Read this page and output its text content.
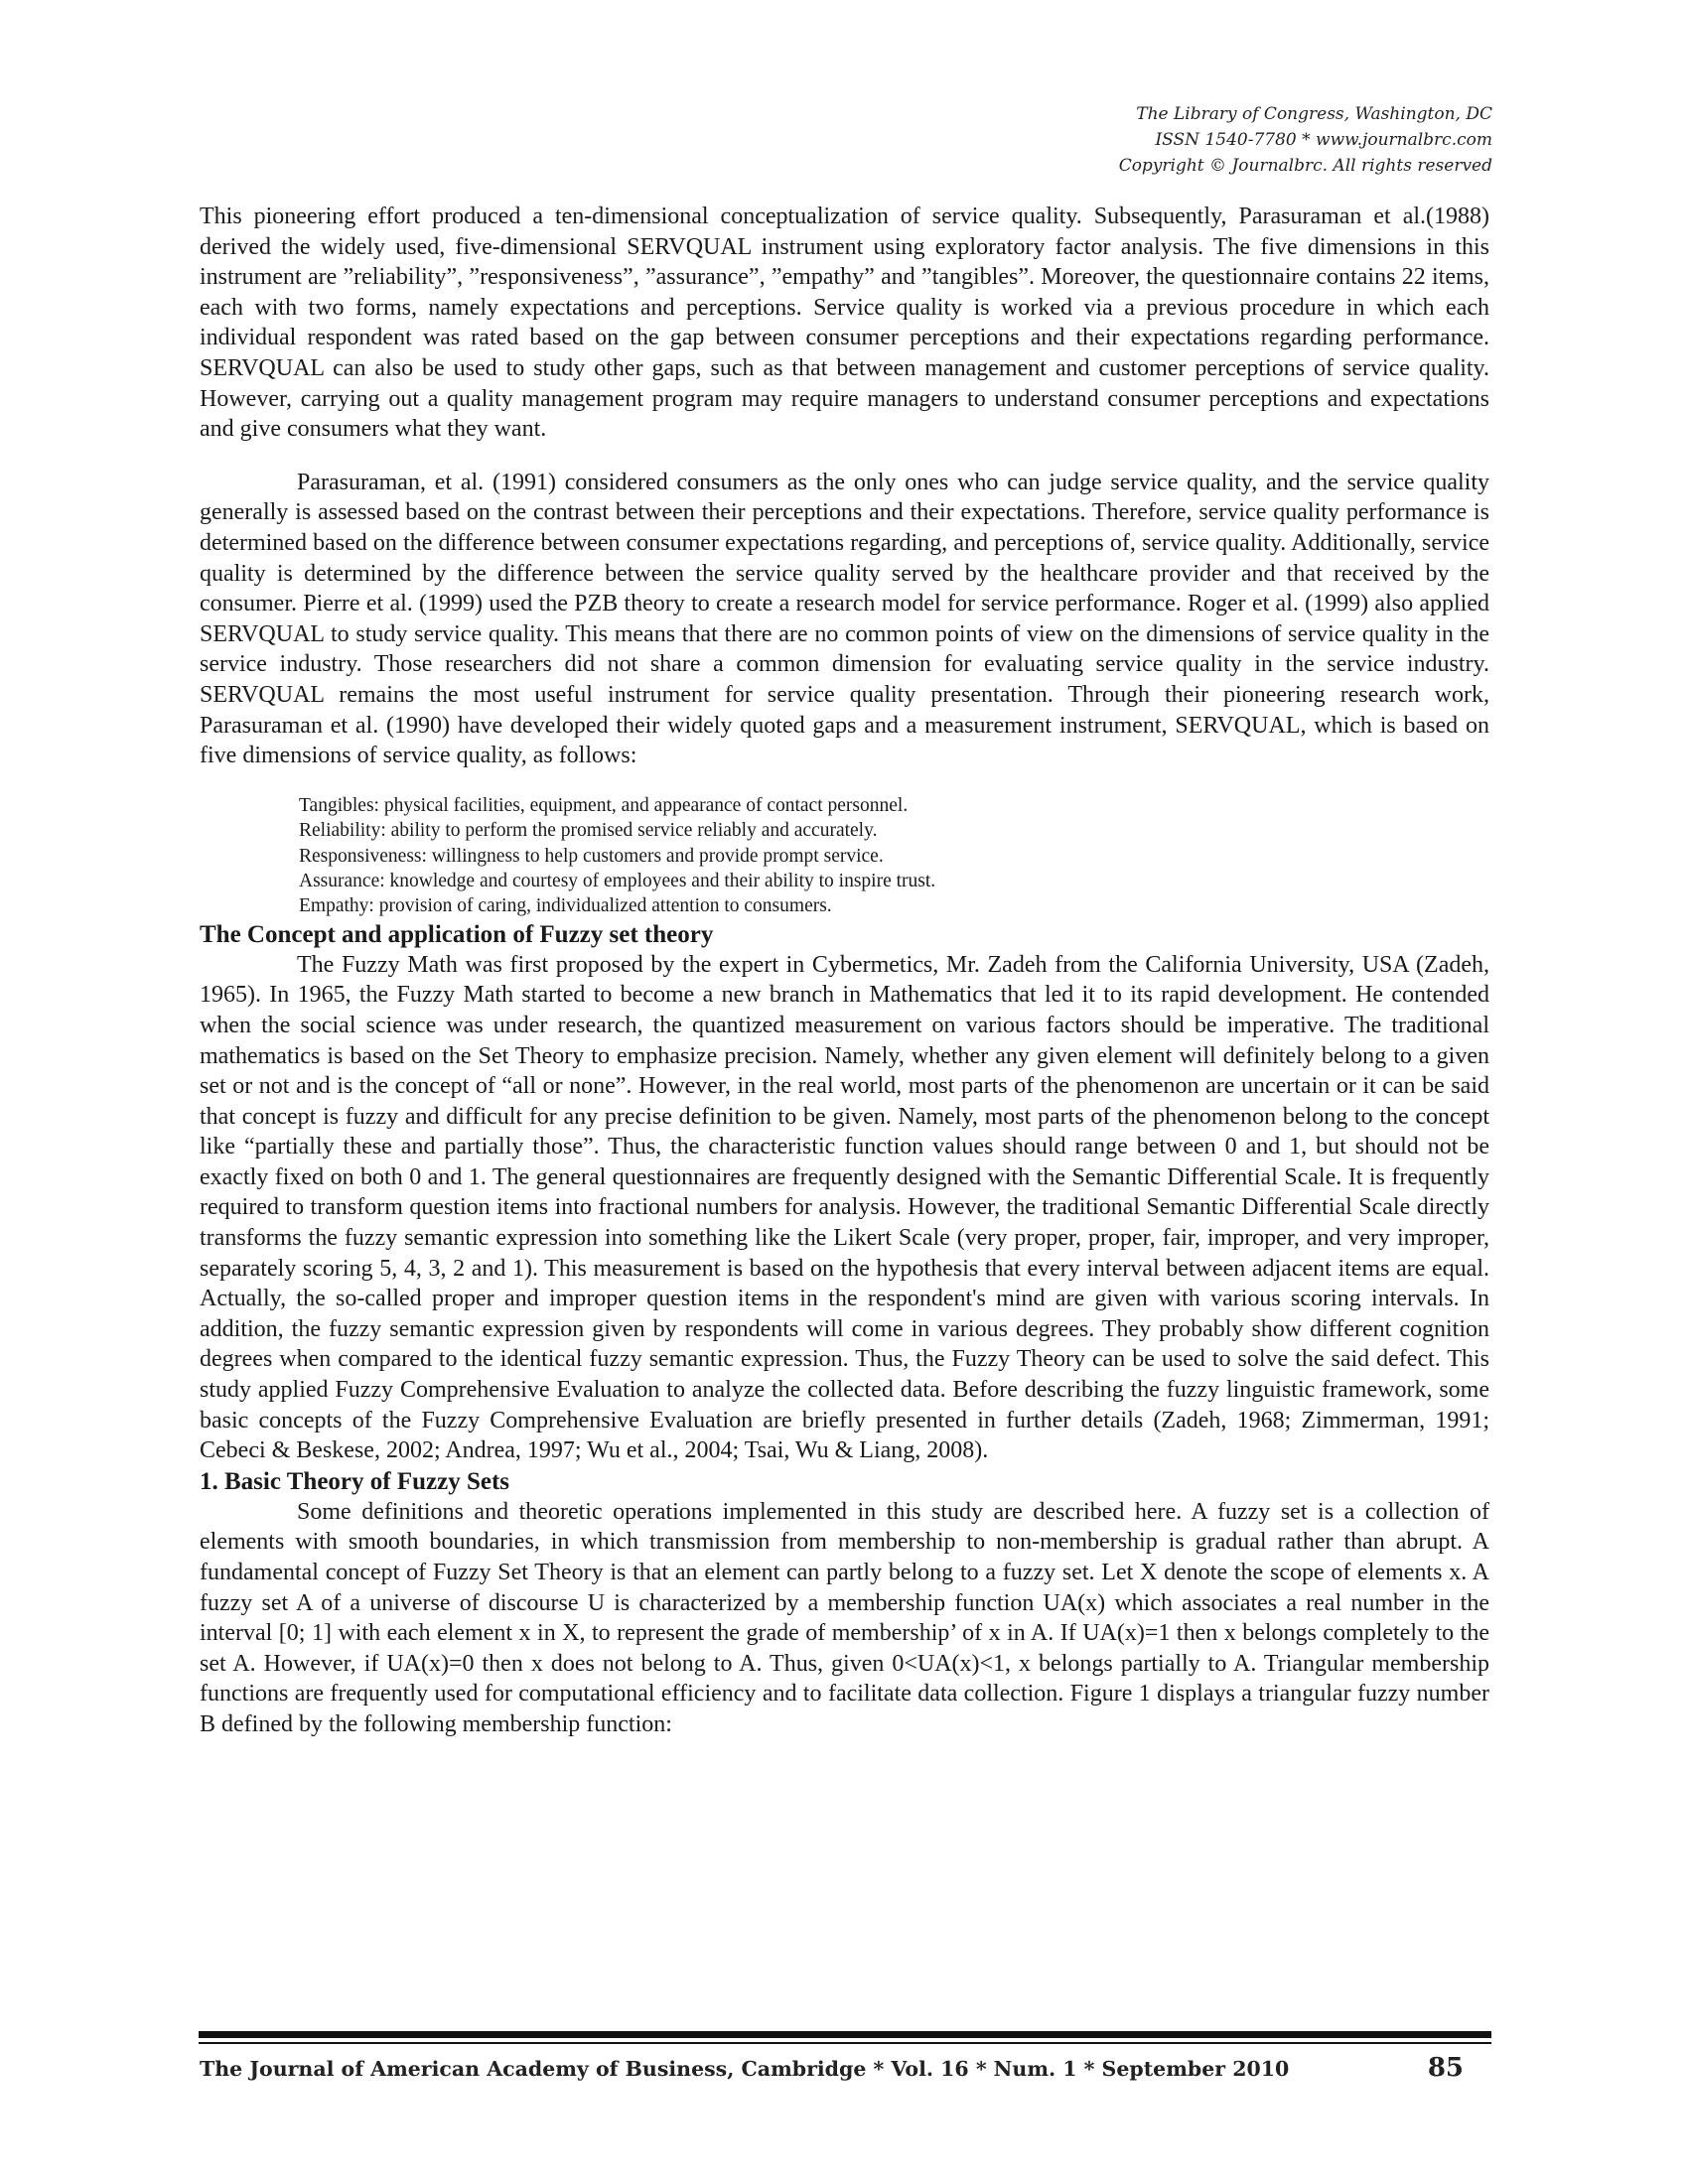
The Library of Congress, Washington, DC
ISSN 1540-7780 * www.journalbrc.com
Copyright © Journalbrc. All rights reserved

This pioneering effort produced a ten-dimensional conceptualization of service quality. Subsequently, Parasuraman et al.(1988) derived the widely used, five-dimensional SERVQUAL instrument using exploratory factor analysis. The five dimensions in this instrument are ”reliability”, ”responsiveness”, ”assurance”, ”empathy” and ”tangibles”. Moreover, the questionnaire contains 22 items, each with two forms, namely expectations and perceptions. Service quality is worked via a previous procedure in which each individual respondent was rated based on the gap between consumer perceptions and their expectations regarding performance. SERVQUAL can also be used to study other gaps, such as that between management and customer perceptions of service quality. However, carrying out a quality management program may require managers to understand consumer perceptions and expectations and give consumers what they want.

Parasuraman, et al. (1991) considered consumers as the only ones who can judge service quality, and the service quality generally is assessed based on the contrast between their perceptions and their expectations. Therefore, service quality performance is determined based on the difference between consumer expectations regarding, and perceptions of, service quality. Additionally, service quality is determined by the difference between the service quality served by the healthcare provider and that received by the consumer. Pierre et al. (1999) used the PZB theory to create a research model for service performance. Roger et al. (1999) also applied SERVQUAL to study service quality. This means that there are no common points of view on the dimensions of service quality in the service industry. Those researchers did not share a common dimension for evaluating service quality in the service industry. SERVQUAL remains the most useful instrument for service quality presentation. Through their pioneering research work, Parasuraman et al. (1990) have developed their widely quoted gaps and a measurement instrument, SERVQUAL, which is based on five dimensions of service quality, as follows:

Tangibles: physical facilities, equipment, and appearance of contact personnel.
Reliability: ability to perform the promised service reliably and accurately.
Responsiveness: willingness to help customers and provide prompt service.
Assurance: knowledge and courtesy of employees and their ability to inspire trust.
Empathy: provision of caring, individualized attention to consumers.
The Concept and application of Fuzzy set theory

The Fuzzy Math was first proposed by the expert in Cybermetics, Mr. Zadeh from the California University, USA (Zadeh, 1965). In 1965, the Fuzzy Math started to become a new branch in Mathematics that led it to its rapid development. He contended when the social science was under research, the quantized measurement on various factors should be imperative. The traditional mathematics is based on the Set Theory to emphasize precision. Namely, whether any given element will definitely belong to a given set or not and is the concept of “all or none”. However, in the real world, most parts of the phenomenon are uncertain or it can be said that concept is fuzzy and difficult for any precise definition to be given. Namely, most parts of the phenomenon belong to the concept like “partially these and partially those”. Thus, the characteristic function values should range between 0 and 1, but should not be exactly fixed on both 0 and 1. The general questionnaires are frequently designed with the Semantic Differential Scale. It is frequently required to transform question items into fractional numbers for analysis. However, the traditional Semantic Differential Scale directly transforms the fuzzy semantic expression into something like the Likert Scale (very proper, proper, fair, improper, and very improper, separately scoring 5, 4, 3, 2 and 1). This measurement is based on the hypothesis that every interval between adjacent items are equal. Actually, the so-called proper and improper question items in the respondent's mind are given with various scoring intervals. In addition, the fuzzy semantic expression given by respondents will come in various degrees. They probably show different cognition degrees when compared to the identical fuzzy semantic expression. Thus, the Fuzzy Theory can be used to solve the said defect. This study applied Fuzzy Comprehensive Evaluation to analyze the collected data. Before describing the fuzzy linguistic framework, some basic concepts of the Fuzzy Comprehensive Evaluation are briefly presented in further details (Zadeh, 1968; Zimmerman, 1991; Cebeci & Beskese, 2002; Andrea, 1997; Wu et al., 2004; Tsai, Wu & Liang, 2008).

1. Basic Theory of Fuzzy Sets

Some definitions and theoretic operations implemented in this study are described here. A fuzzy set is a collection of elements with smooth boundaries, in which transmission from membership to non-membership is gradual rather than abrupt. A fundamental concept of Fuzzy Set Theory is that an element can partly belong to a fuzzy set. Let X denote the scope of elements x. A fuzzy set A of a universe of discourse U is characterized by a membership function UA(x) which associates a real number in the interval [0; 1] with each element x in X, to represent the grade of membership’ of x in A. If UA(x)=1 then x belongs completely to the set A. However, if UA(x)=0 then x does not belong to A. Thus, given 0<UA(x)<1, x belongs partially to A. Triangular membership functions are frequently used for computational efficiency and to facilitate data collection. Figure 1 displays a triangular fuzzy number B defined by the following membership function:

The Journal of American Academy of Business, Cambridge * Vol. 16 * Num. 1 * September 2010	85
